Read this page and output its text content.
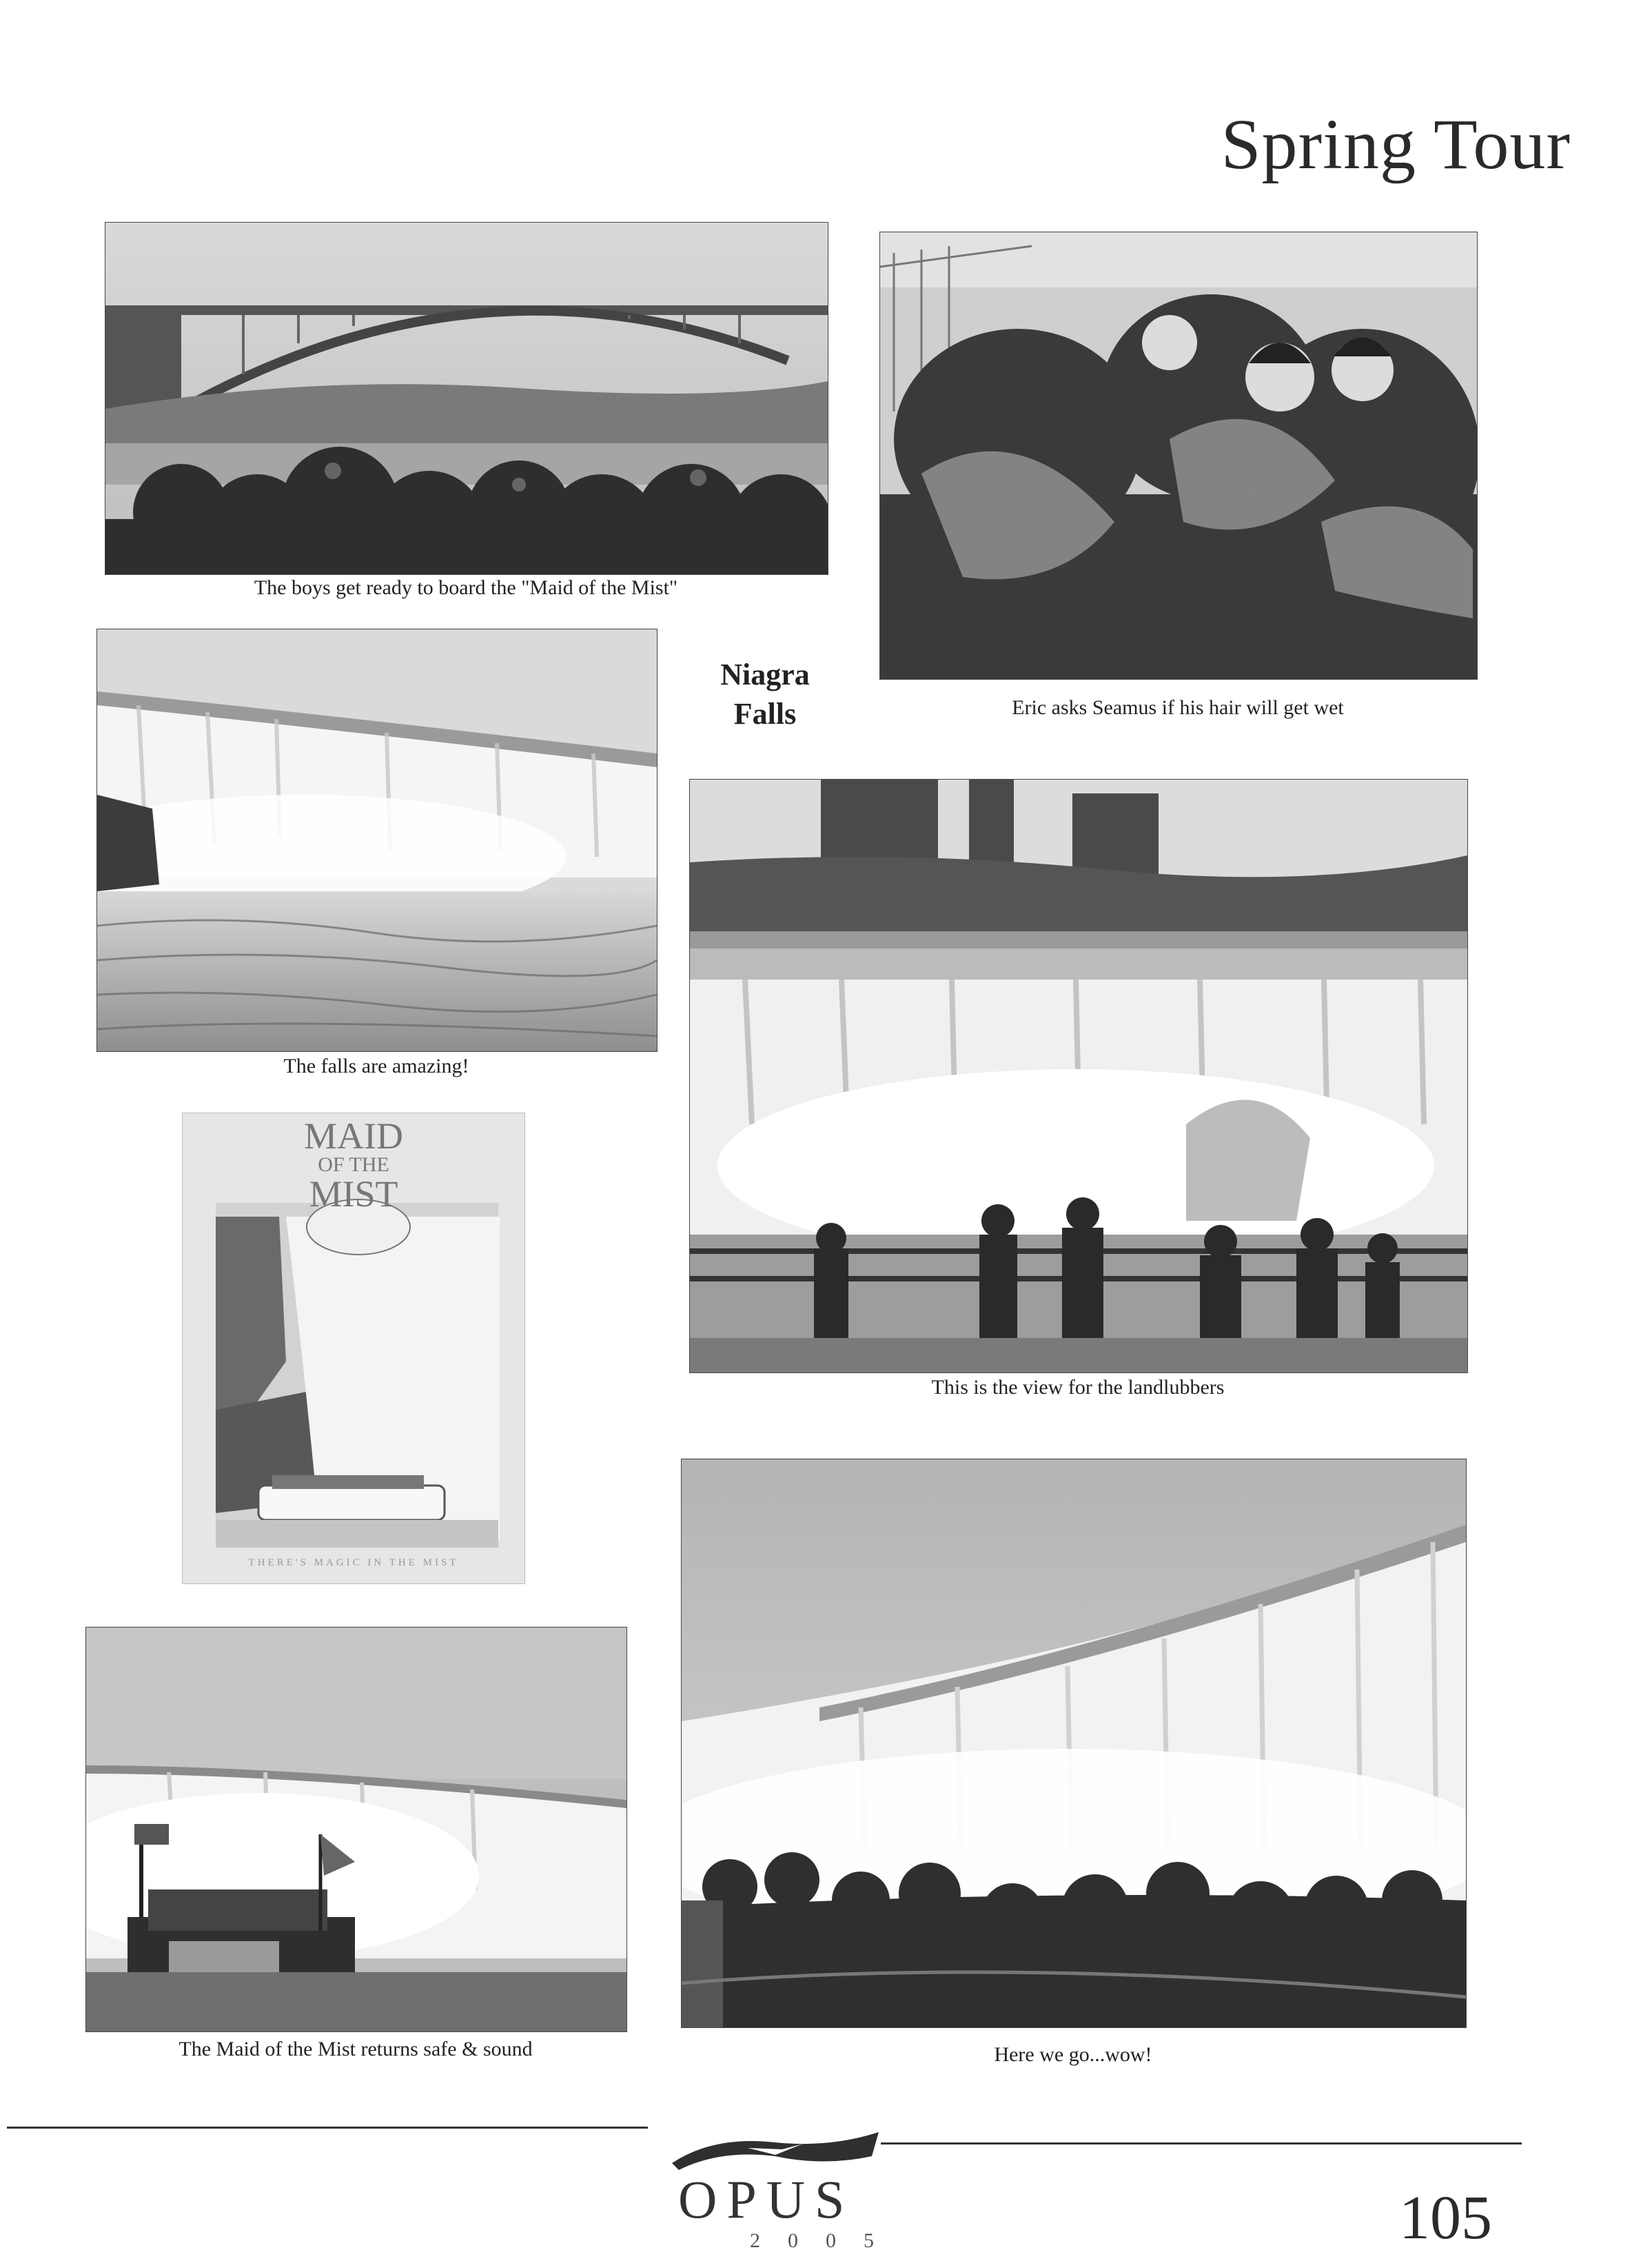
Spring Tour
The boys get ready to board the "Maid of the Mist"
Eric asks Seamus if his hair will get wet
Niagra
Falls
The falls are amazing!
This is the view for the landlubbers
MAID
OF THE
MIST
THERE'S MAGIC IN THE MIST
The Maid of the Mist returns safe & sound	Here we go...wow!
OPUS
2005	105
